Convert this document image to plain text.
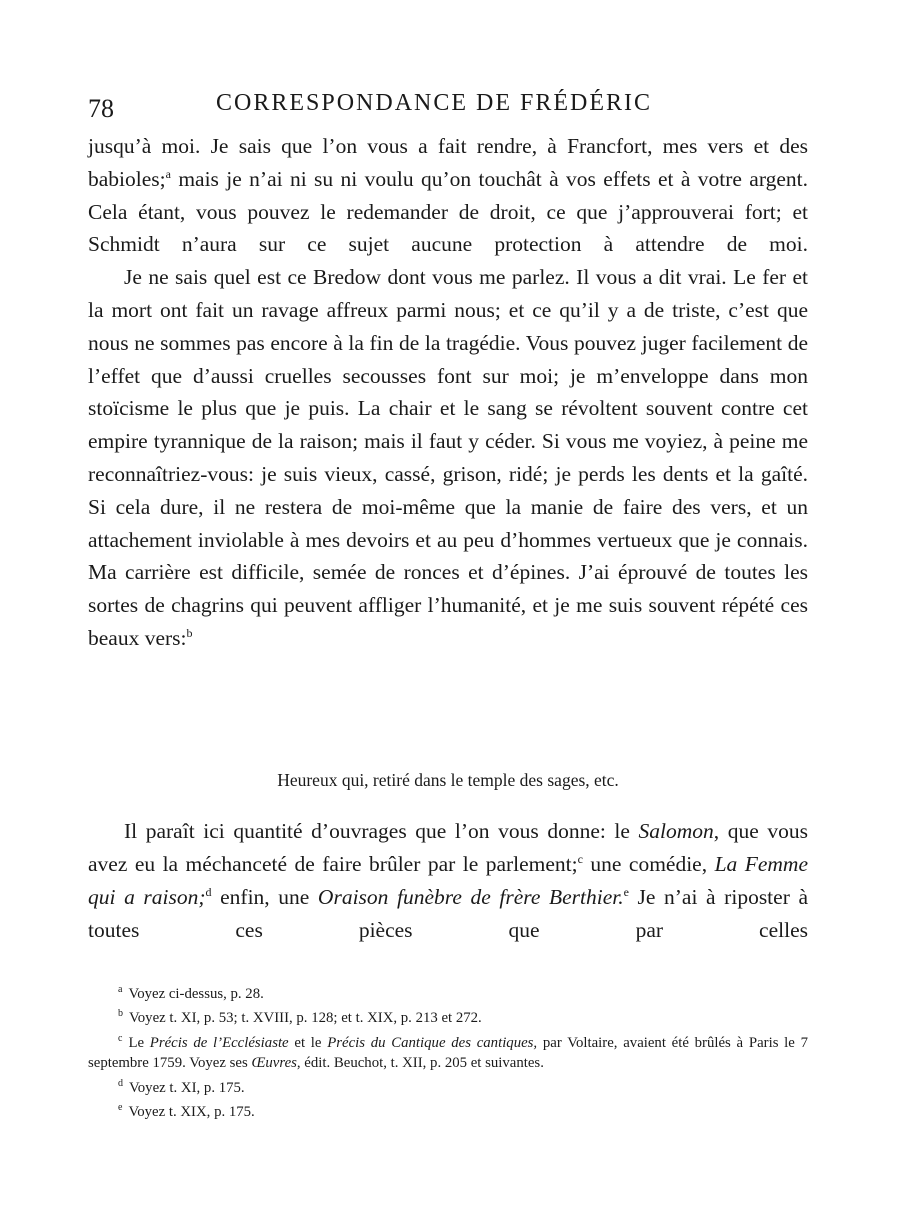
78	CORRESPONDANCE DE FRÉDÉRIC

jusqu’à moi. Je sais que l’on vous a fait rendre, à Francfort, mes vers et des babioles;$^a$ mais je n’ai ni su ni voulu qu’on touchât à vos effets et à votre argent. Cela étant, vous pouvez le redemander de droit, ce que j’approuverai fort; et Schmidt n’aura sur ce sujet aucune protection à attendre de moi.

Je ne sais quel est ce Bredow dont vous me parlez. Il vous a dit vrai. Le fer et la mort ont fait un ravage affreux parmi nous; et ce qu’il y a de triste, c’est que nous ne sommes pas encore à la fin de la tragédie. Vous pouvez juger facilement de l’effet que d’aussi cruelles secousses font sur moi; je m’enveloppe dans mon stoïcisme le plus que je puis. La chair et le sang se révoltent souvent contre cet empire tyrannique de la raison; mais il faut y céder. Si vous me voyiez, à peine me reconnaîtriez-vous: je suis vieux, cassé, grison, ridé; je perds les dents et la gaîté. Si cela dure, il ne restera de moi-même que la manie de faire des vers, et un attachement inviolable à mes devoirs et au peu d’hommes vertueux que je connais. Ma carrière est difficile, semée de ronces et d’épines. J’ai éprouvé de toutes les sortes de chagrins qui peuvent affliger l’humanité, et je me suis souvent répété ces beaux vers:$^b$

Heureux qui, retiré dans le temple des sages, etc.

Il paraît ici quantité d’ouvrages que l’on vous donne: le Salomon, que vous avez eu la méchanceté de faire brûler par le parlement;$^c$ une comédie, La Femme qui a raison;$^d$ enfin, une Oraison funèbre de frère Berthier.$^e$ Je n’ai à riposter à toutes ces pièces que par celles

$^a$ Voyez ci-dessus, p. 28.

$^b$ Voyez t. XI, p. 53; t. XVIII, p. 128; et t. XIX, p. 213 et 272.

$^c$ Le Précis de l’Ecclésiaste et le Précis du Cantique des cantiques, par Voltaire, avaient été brûlés à Paris le 7 septembre 1759. Voyez ses Œuvres, édit. Beuchot, t. XII, p. 205 et suivantes.

$^d$ Voyez t. XI, p. 175.

$^e$ Voyez t. XIX, p. 175.
